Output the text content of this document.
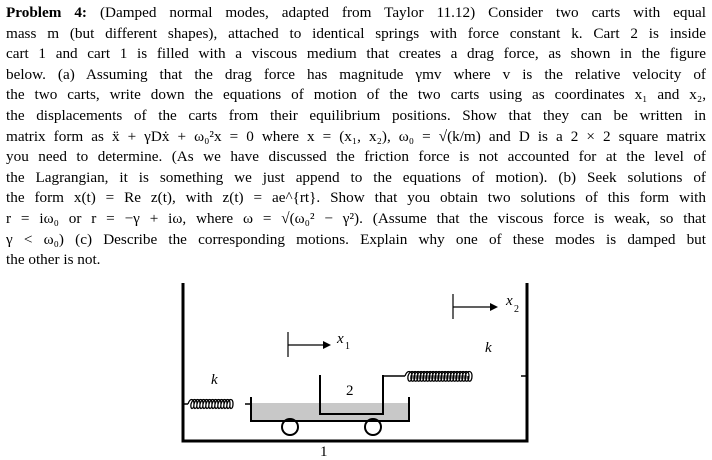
Problem 4: (Damped normal modes, adapted from Taylor 11.12) Consider two carts with equal
mass m (but different shapes), attached to identical springs with force constant k. Cart 2 is inside
cart 1 and cart 1 is filled with a viscous medium that creates a drag force, as shown in the figure
below. (a) Assuming that the drag force has magnitude γmv where v is the relative velocity of
the two carts, write down the equations of motion of the two carts using as coordinates x₁ and x₂,
the displacements of the carts from their equilibrium positions. Show that they can be written in
matrix form as ẍ + γDẋ + ω₀²x = 0 where x = (x₁, x₂), ω₀ = √(k/m) and D is a 2 × 2 square matrix
you need to determine. (As we have discussed the friction force is not accounted for at the level of
the Lagrangian, it is something we just append to the equations of motion). (b) Seek solutions of
the form x(t) = Re z(t), with z(t) = ae^{rt}. Show that you obtain two solutions of this form with
r = iω₀ or r = −γ + iω, where ω = √(ω₀² − γ²). (Assume that the viscous force is weak, so that
γ < ω₀) (c) Describe the corresponding motions. Explain why one of these modes is damped but
the other is not.
k
1
2
k
x 1
x
2
